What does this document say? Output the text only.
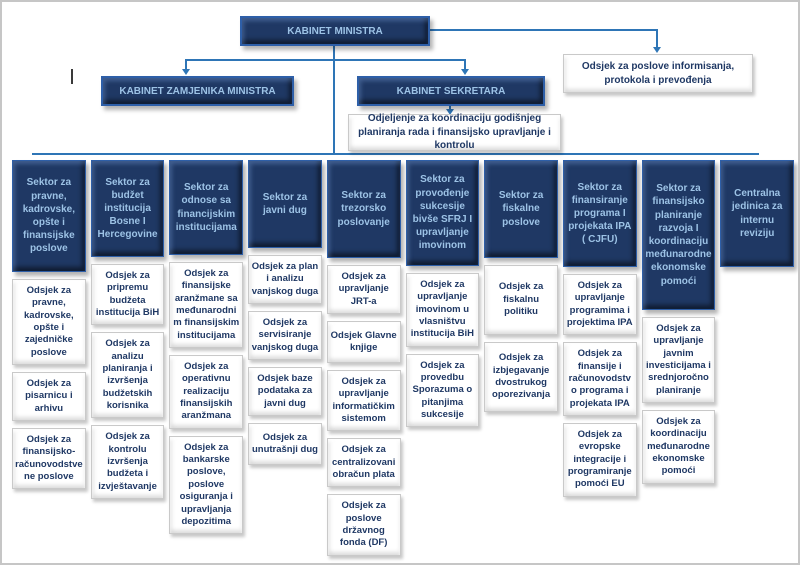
KABINET MINISTRA
KABINET ZAMJENIKA MINISTRA	KABINET SEKRETARA
Odsjek za poslove informisanja, protokola i prevođenja
Odjeljenje za koordinaciju godišnjeg planiranja rada i finansijsko upravljanje i kontrolu
Sektor za pravne, kadrovske, opšte i finansijske poslove
Odsjek za pravne, kadrovske, opšte i zajedničke poslove
Odsjek za pisarnicu i arhivu
Odsjek za finansijsko-računovodstvene poslove
Sektor za budžet institucija Bosne I Hercegovine
Odsjek za pripremu budžeta institucija BiH
Odsjek za analizu planiranja i izvršenja budžetskih korisnika
Odsjek za kontrolu izvršenja budžeta i izvještavanje
Sektor za odnose sa financijskim institucijama
Odsjek za finansijske aranžmane sa međunarodnim finansijskim institucijama
Odsjek za operativnu realizaciju finansijskih aranžmana
Odsjek za bankarske poslove, poslove osiguranja i upravljanja depozitima
Sektor za javni dug
Odsjek za plan i analizu vanjskog duga
Odsjek za servisiranje vanjskog duga
Odsjek baze podataka za javni dug
Odsjek za unutrašnji dug
Sektor za trezorsko poslovanje
Odsjek za upravljanje JRT-a
Odsjek Glavne knjige
Odsjek za upravljanje informatičkim sistemom
Odsjek za centralizovani obračun plata
Odsjek za poslove državnog fonda (DF)
Sektor za provođenje sukcesije bivše SFRJ I upravljanje imovinom
Odsjek za upravljanje imovinom u vlasništvu institucija BiH
Odsjek za provedbu Sporazuma o pitanjima sukcesije
Sektor za fiskalne poslove
Odsjek za fiskalnu politiku
Odsjek za izbjegavanje dvostrukog oporezivanja
Sektor za finansiranje programa I projekata IPA ( CJFU)
Odsjek za upravljanje programima i projektima IPA
Odsjek za finansije i računovodstvo programa i projekata IPA
Odsjek za evropske integracije i programiranje pomoći EU
Sektor za finansijsko planiranje razvoja I koordinaciju međunarodne ekonomske pomoći
Odsjek za upravljanje javnim investicijama i srednjoročno planiranje
Odsjek za koordinaciju međunarodne ekonomske pomoći
Centralna jedinica za internu reviziju
